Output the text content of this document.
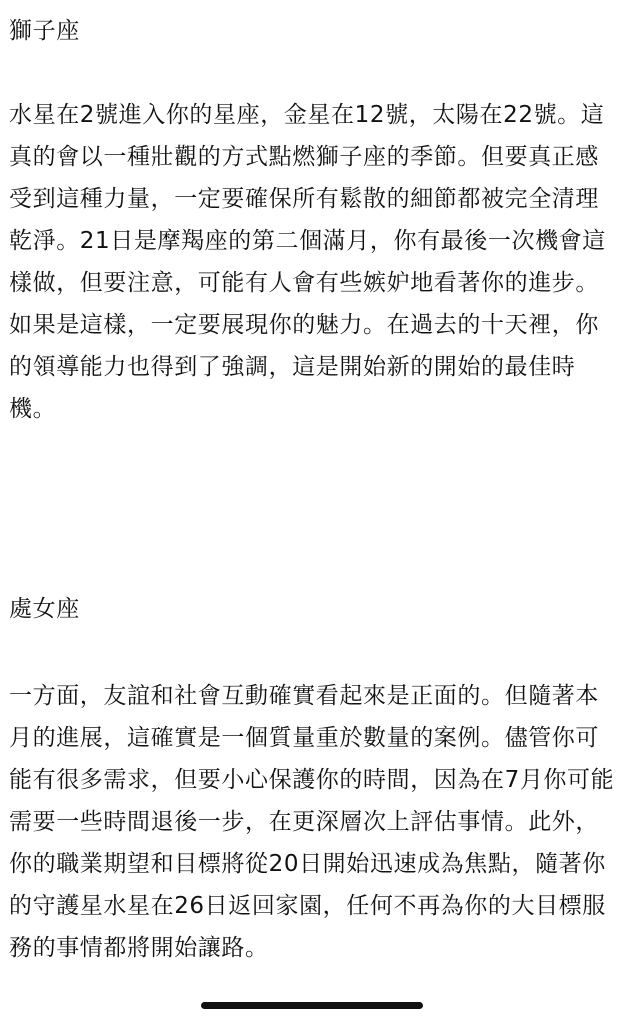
獅子座

水星在2號進入你的星座，金星在12號，太陽在22號。這真的會以一種壯觀的方式點燃獅子座的季節。但要真正感受到這種力量，一定要確保所有鬆散的細節都被完全清理乾淨。21日是摩羯座的第二個滿月，你有最後一次機會這樣做，但要注意，可能有人會有些嫉妒地看著你的進步。如果是這樣，一定要展現你的魅力。在過去的十天裡，你的領導能力也得到了強調，這是開始新的開始的最佳時機。

處女座

一方面，友誼和社會互動確實看起來是正面的。但隨著本月的進展，這確實是一個質量重於數量的案例。儘管你可能有很多需求，但要小心保護你的時間，因為在7月你可能需要一些時間退後一步，在更深層次上評估事情。此外，你的職業期望和目標將從20日開始迅速成為焦點，隨著你的守護星水星在26日返回家園，任何不再為你的大目標服務的事情都將開始讓路。
